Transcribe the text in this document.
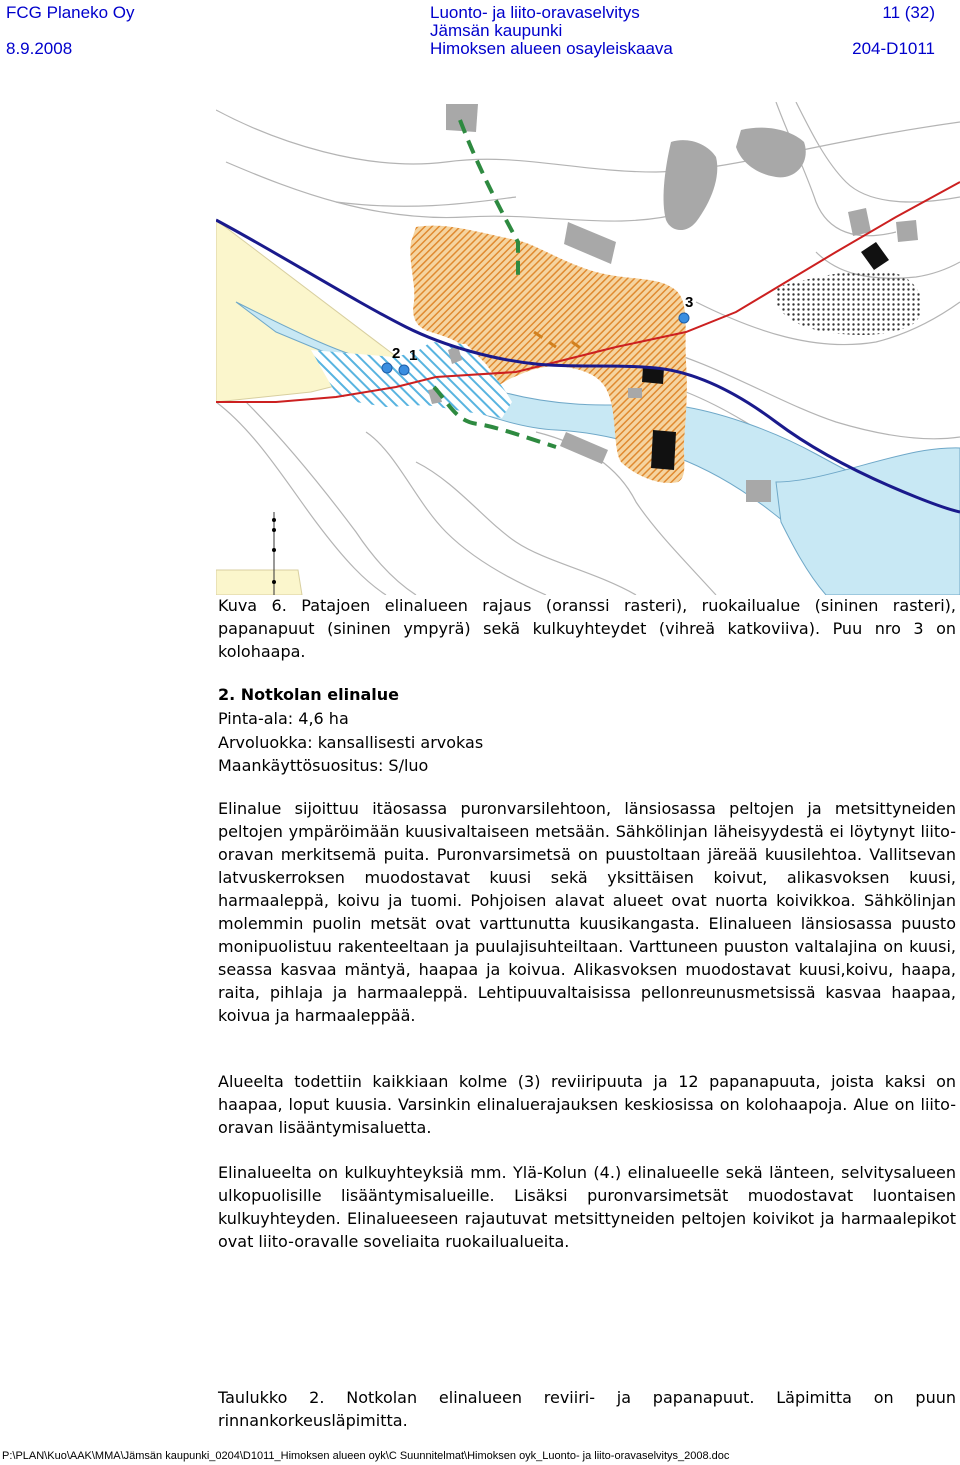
FCG Planeko Oy
8.9.2008
Luonto- ja liito-oravaselvitys
Jämsän kaupunki
Himoksen alueen osayleiskaava
11 (32)
204-D1011
2 1
3
Kuva 6. Patajoen elinalueen rajaus (oranssi rasteri), ruokailualue (sininen rasteri), papanapuut (sininen ympyrä) sekä kulkuyhteydet (vihreä katkoviiva). Puu nro 3 on kolohaapa.
2. Notkolan elinalue
Pinta-ala: 4,6 ha
Arvoluokka: kansallisesti arvokas
Maankäyttösuositus: S/luo
Elinalue sijoittuu itäosassa puronvarsilehtoon, länsiosassa peltojen ja metsittyneiden peltojen ympäröimään kuusivaltaiseen metsään. Sähkölinjan läheisyydestä ei löytynyt liito-oravan merkitsemä puita. Puronvarsimetsä on puustoltaan järeää kuusilehtoa. Vallitsevan latvuskerroksen muodostavat kuusi sekä yksittäisen koivut, alikasvoksen kuusi, harmaaleppä, koivu ja tuomi. Pohjoisen alavat alueet ovat nuorta koivikkoa. Sähkölinjan molemmin puolin metsät ovat varttunutta kuusikangasta. Elinalueen länsiosassa puusto monipuolistuu rakenteeltaan ja puulajisuhteiltaan. Varttuneen puuston valtalajina on kuusi, seassa kasvaa mäntyä, haapaa ja koivua. Alikasvoksen muodostavat kuusi,koivu, haapa, raita, pihlaja ja harmaaleppä. Lehtipuuvaltaisissa pellonreunusmetsissä kasvaa haapaa, koivua ja harmaaleppää.
Alueelta todettiin kaikkiaan kolme (3) reviiripuuta ja 12 papanapuuta, joista kaksi on haapaa, loput kuusia. Varsinkin elinaluerajauksen keskiosissa on kolohaapoja. Alue on liito-oravan lisääntymisaluetta.
Elinalueelta on kulkuyhteyksiä mm. Ylä-Kolun (4.) elinalueelle sekä länteen, selvitysalueen ulkopuolisille lisääntymisalueille. Lisäksi puronvarsimetsät muodostavat luontaisen kulkuyhteyden. Elinalueeseen rajautuvat metsittyneiden peltojen koivikot ja harmaalepikot ovat liito-oravalle soveliaita ruokailualueita.
Taulukko 2. Notkolan elinalueen reviiri- ja papanapuut. Läpimitta on puun rinnankorkeusläpimitta.
P:\PLAN\Kuo\AAK\MMA\Jämsän kaupunki_0204\D1011_Himoksen alueen oyk\C Suunnitelmat\Himoksen oyk_Luonto- ja liito-oravaselvitys_2008.doc
